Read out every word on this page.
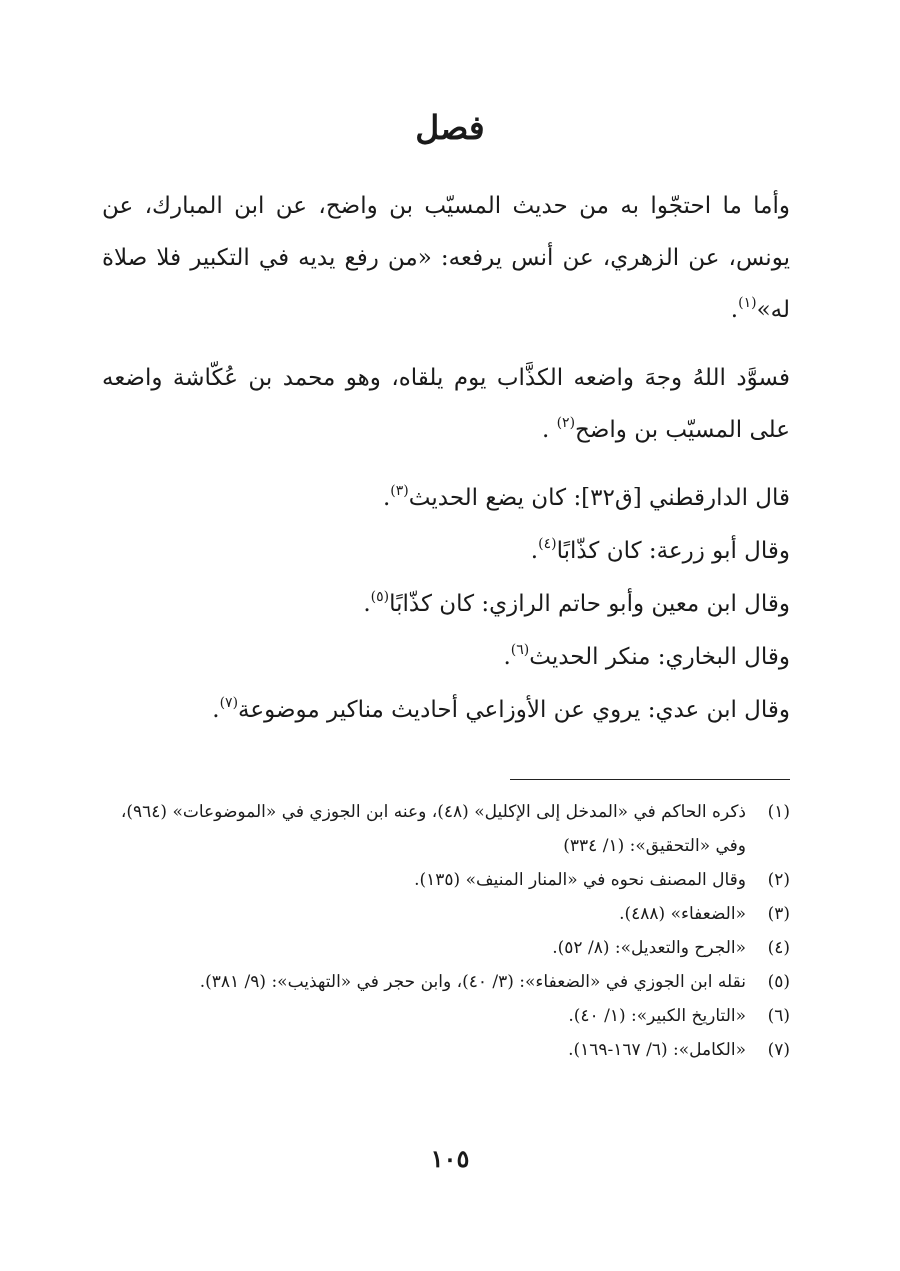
فصل

وأما ما احتجّوا به من حديث المسيّب بن واضح، عن ابن المبارك، عن يونس، عن الزهري، عن أنس يرفعه: «من رفع يديه في التكبير فلا صلاة له»$^{(١)}$.

فسوَّد اللهُ وجهَ واضعه الكذَّاب يوم يلقاه، وهو محمد بن عُكّاشة واضعه على المسيّب بن واضح$^{(٢)}$ .

قال الدارقطني [ق٣٢]: كان يضع الحديث$^{(٣)}$.

وقال أبو زرعة: كان كذّابًا$^{(٤)}$.

وقال ابن معين وأبو حاتم الرازي: كان كذّابًا$^{(٥)}$.

وقال البخاري: منكر الحديث$^{(٦)}$.

وقال ابن عدي: يروي عن الأوزاعي أحاديث مناكير موضوعة$^{(٧)}$.

(١)
ذكره الحاكم في «المدخل إلى الإكليل» (٤٨)، وعنه ابن الجوزي في «الموضوعات» (٩٦٤)، وفي «التحقيق»: (١/ ٣٣٤)
(٢)
وقال المصنف نحوه في «المنار المنيف» (١٣٥).
(٣)
«الضعفاء» (٤٨٨).
(٤)
«الجرح والتعديل»: (٨/ ٥٢).
(٥)
نقله ابن الجوزي في «الضعفاء»: (٣/ ٤٠)، وابن حجر في «التهذيب»: (٩/ ٣٨١).
(٦)
«التاريخ الكبير»: (١/ ٤٠).
(٧)
«الكامل»: (٦/ ١٦٧-١٦٩).
١٠٥
